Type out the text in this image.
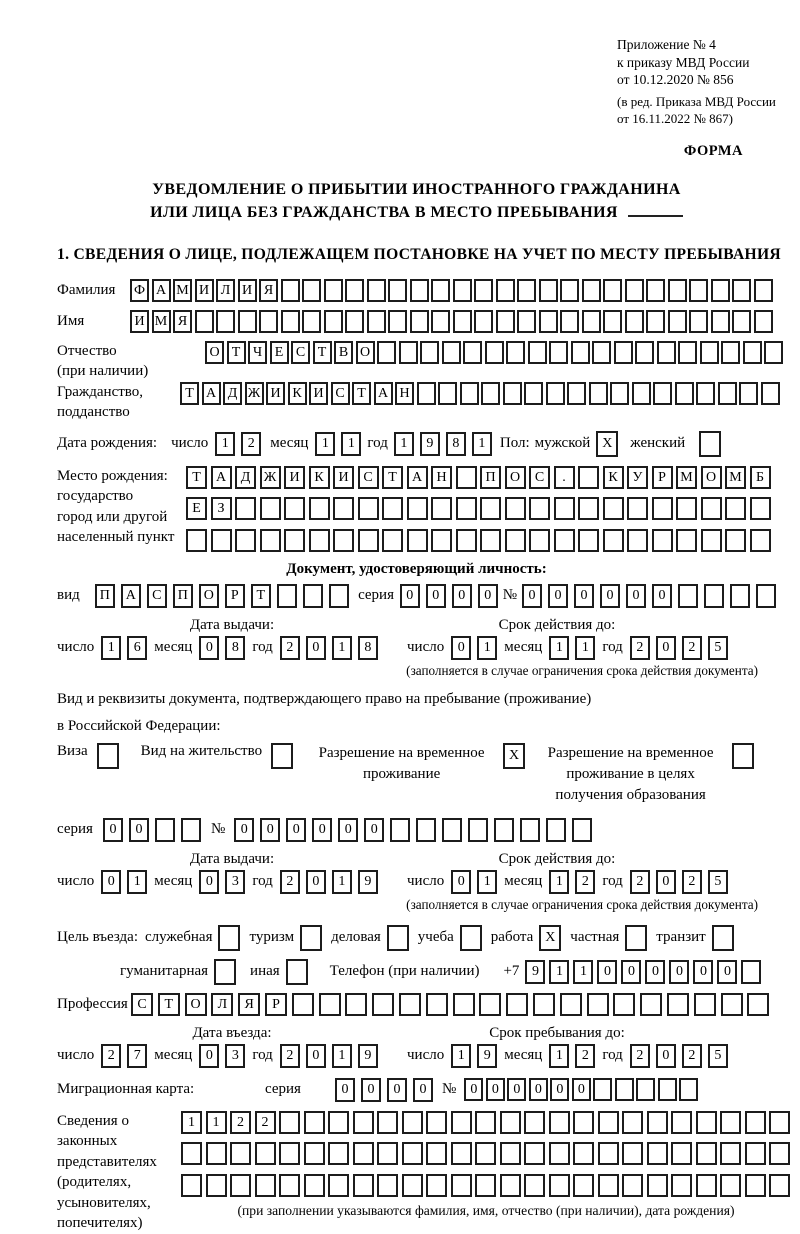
Приложение № 4
к приказу МВД России
от 10.12.2020 № 856
(в ред. Приказа МВД России
от 16.11.2022 № 867)
ФОРМА
УВЕДОМЛЕНИЕ О ПРИБЫТИИ ИНОСТРАННОГО ГРАЖДАНИНА
ИЛИ ЛИЦА БЕЗ ГРАЖДАНСТВА В МЕСТО ПРЕБЫВАНИЯ
1. СВЕДЕНИЯ О ЛИЦЕ, ПОДЛЕЖАЩЕМ ПОСТАНОВКЕ НА УЧЕТ ПО МЕСТУ ПРЕБЫВАНИЯ
Фамилия	Ф А М И Л И Я
Имя	И М Я
Отчество
(при наличии)
О Т Ч Е С Т В О
Гражданство,
подданство
Т А Д Ж И К И С Т А Н
Дата рождения: число 1	2	месяц 1	1 год 1	9	8	1 Пол: мужской X	женский
Место рождения:
государство
город или другой
населенный пункт
Т	А	Д Ж И	К	И	С	Т	А	Н	П	О	С	.	К	У	Р	М О М	Б
Е	З
Документ, удостоверяющий личность:
вид	П	А	С	П	О	Р	Т	серия 0	0	0	0 № 0	0	0	0	0	0
Дата выдачи:	Срок действия до:
число 1	6 месяц 0	8 год 2	0	1	8	число 0	1 месяц 1	1 год 2	0	2	5
(заполняется в случае ограничения срока действия документа)
Вид и реквизиты документа, подтверждающего право на пребывание (проживание)
в Российской Федерации:
Виза	Вид на жительство	Разрешение на временное
проживание
X	Разрешение на временное
проживание в целях
получения образования
серия	0	0	№	0	0	0	0	0	0
Дата выдачи:	Срок действия до:
число 0	1 месяц 0	3 год 2	0	1	9	число 0	1 месяц 1	2 год 2	0	2	5
(заполняется в случае ограничения срока действия документа)
Цель въезда: служебная туризм деловая учеба работа X частная транзит
гуманитарная	иная	Телефон (при наличии) +7 9	1	1	0	0	0	0	0	0
Профессия С	Т	О	Л	Я	Р
Дата въезда:	Срок пребывания до:
число 2	7 месяц 0	3 год 2	0	1	9	число 1	9 месяц 1	2 год 2	0	2	5
Миграционная карта:	серия	0	0	0	0	№	0	0	0	0	0	0
Сведения о
законных
представителях
(родителях,
усыновителях,
попечителях)
1	1	2	2
(при заполнении указываются фамилия, имя, отчество (при наличии), дата рождения)
